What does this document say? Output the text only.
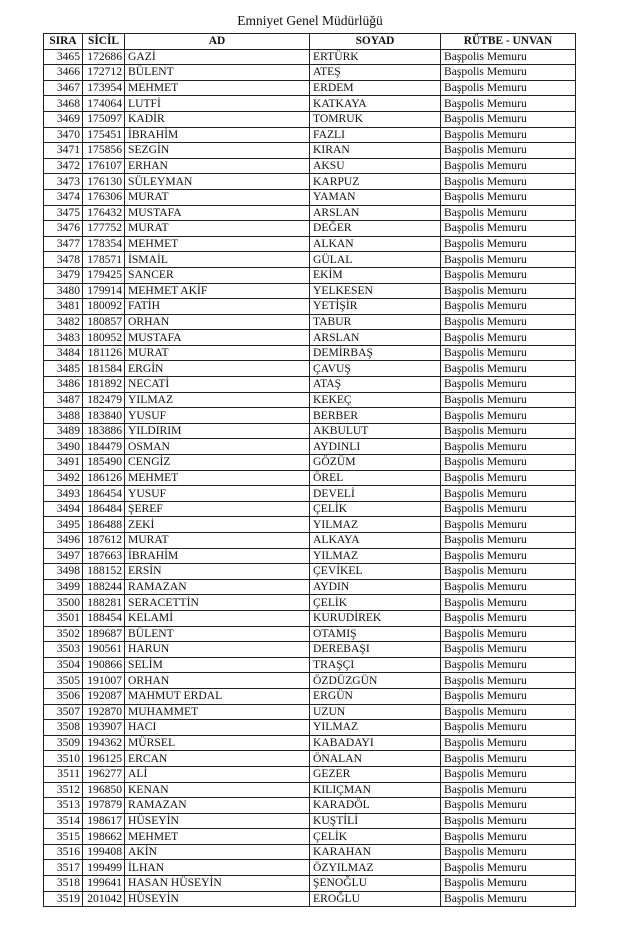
Emniyet Genel Müdürlüğü
SIRA	SİCİL	AD	SOYAD	RÜTBE - UNVAN
3465	172686	GAZİ	ERTÜRK	Başpolis Memuru
3466	172712	BÜLENT	ATEŞ	Başpolis Memuru
3467	173954	MEHMET	ERDEM	Başpolis Memuru
3468	174064	LUTFİ	KATKAYA	Başpolis Memuru
3469	175097	KADİR	TOMRUK	Başpolis Memuru
3470	175451	İBRAHİM	FAZLI	Başpolis Memuru
3471	175856	SEZGİN	KIRAN	Başpolis Memuru
3472	176107	ERHAN	AKSU	Başpolis Memuru
3473	176130	SÜLEYMAN	KARPUZ	Başpolis Memuru
3474	176306	MURAT	YAMAN	Başpolis Memuru
3475	176432	MUSTAFA	ARSLAN	Başpolis Memuru
3476	177752	MURAT	DEĞER	Başpolis Memuru
3477	178354	MEHMET	ALKAN	Başpolis Memuru
3478	178571	İSMAİL	GÜLAL	Başpolis Memuru
3479	179425	SANCER	EKİM	Başpolis Memuru
3480	179914	MEHMET AKİF	YELKESEN	Başpolis Memuru
3481	180092	FATİH	YETİŞİR	Başpolis Memuru
3482	180857	ORHAN	TABUR	Başpolis Memuru
3483	180952	MUSTAFA	ARSLAN	Başpolis Memuru
3484	181126	MURAT	DEMİRBAŞ	Başpolis Memuru
3485	181584	ERGİN	ÇAVUŞ	Başpolis Memuru
3486	181892	NECATİ	ATAŞ	Başpolis Memuru
3487	182479	YILMAZ	KEKEÇ	Başpolis Memuru
3488	183840	YUSUF	BERBER	Başpolis Memuru
3489	183886	YILDIRIM	AKBULUT	Başpolis Memuru
3490	184479	OSMAN	AYDINLI	Başpolis Memuru
3491	185490	CENGİZ	GÖZÜM	Başpolis Memuru
3492	186126	MEHMET	ÖREL	Başpolis Memuru
3493	186454	YUSUF	DEVELİ	Başpolis Memuru
3494	186484	ŞEREF	ÇELİK	Başpolis Memuru
3495	186488	ZEKİ	YILMAZ	Başpolis Memuru
3496	187612	MURAT	ALKAYA	Başpolis Memuru
3497	187663	İBRAHİM	YILMAZ	Başpolis Memuru
3498	188152	ERSİN	ÇEVİKEL	Başpolis Memuru
3499	188244	RAMAZAN	AYDIN	Başpolis Memuru
3500	188281	SERACETTİN	ÇELİK	Başpolis Memuru
3501	188454	KELAMİ	KURUDİREK	Başpolis Memuru
3502	189687	BÜLENT	OTAMIŞ	Başpolis Memuru
3503	190561	HARUN	DEREBAŞI	Başpolis Memuru
3504	190866	SELİM	TRAŞÇI	Başpolis Memuru
3505	191007	ORHAN	ÖZDÜZGÜN	Başpolis Memuru
3506	192087	MAHMUT ERDAL	ERGÜN	Başpolis Memuru
3507	192870	MUHAMMET	UZUN	Başpolis Memuru
3508	193907	HACI	YILMAZ	Başpolis Memuru
3509	194362	MÜRSEL	KABADAYI	Başpolis Memuru
3510	196125	ERCAN	ÖNALAN	Başpolis Memuru
3511	196277	ALİ	GEZER	Başpolis Memuru
3512	196850	KENAN	KILIÇMAN	Başpolis Memuru
3513	197879	RAMAZAN	KARADÖL	Başpolis Memuru
3514	198617	HÜSEYİN	KUŞTİLİ	Başpolis Memuru
3515	198662	MEHMET	ÇELİK	Başpolis Memuru
3516	199408	AKİN	KARAHAN	Başpolis Memuru
3517	199499	İLHAN	ÖZYILMAZ	Başpolis Memuru
3518	199641	HASAN HÜSEYİN	ŞENOĞLU	Başpolis Memuru
3519	201042	HÜSEYİN	EROĞLU	Başpolis Memuru
